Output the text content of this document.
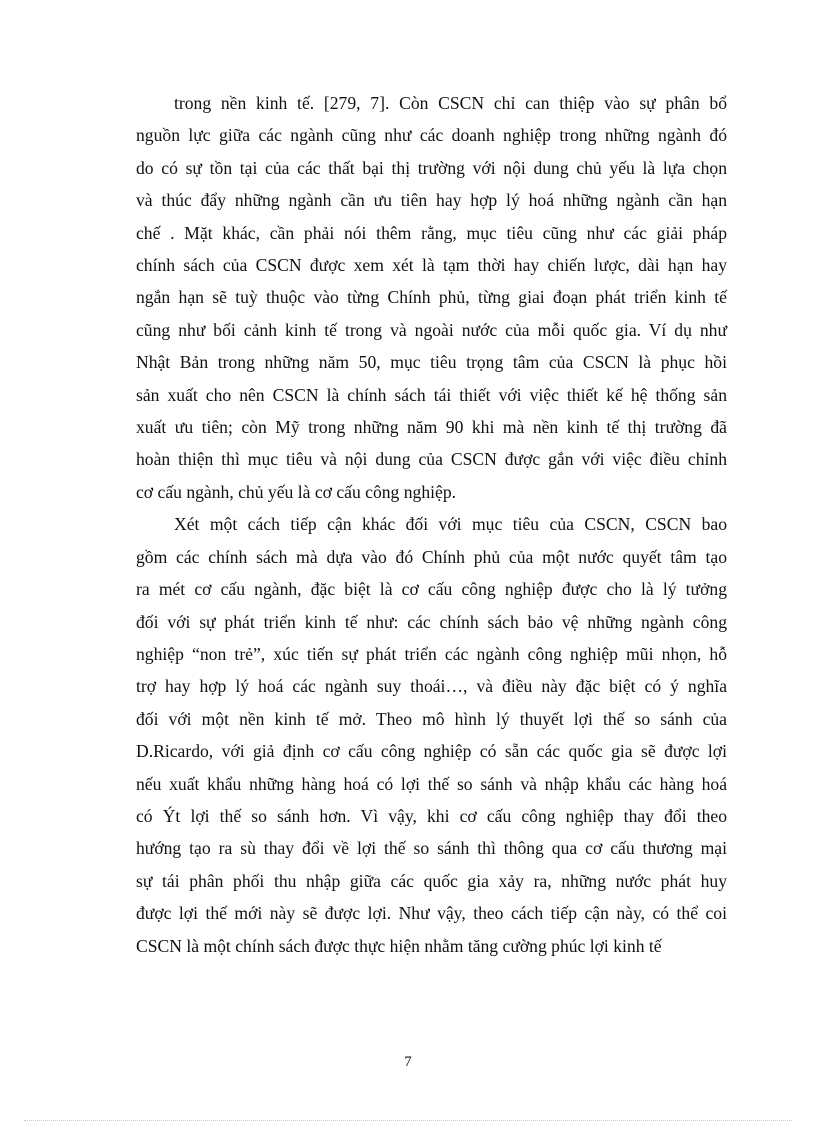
trong nền kinh tế. [279, 7]. Còn CSCN chỉ can thiệp vào sự phân bổ
nguồn lực giữa các ngành cũng như các doanh nghiệp trong những ngành đó
do có sự tồn tại của các thất bại thị trường với nội dung chủ yếu là lựa chọn
và thúc đẩy những ngành cần ưu tiên hay hợp lý hoá những ngành cần hạn
chế . Mặt khác, cần phải nói thêm rằng, mục tiêu cũng như các giải pháp
chính sách của CSCN được xem xét là tạm thời hay chiến lược, dài hạn hay
ngắn hạn sẽ tuỳ thuộc vào từng Chính phủ, từng giai đoạn phát triển kinh tế
cũng như bối cảnh kinh tế trong và ngoài nước của mỗi quốc gia. Ví dụ như
Nhật Bản trong những năm 50, mục tiêu trọng tâm của CSCN là phục hồi
sản xuất cho nên CSCN là chính sách tái thiết với việc thiết kế hệ thống sản
xuất ưu tiên; còn Mỹ trong những năm 90 khi mà nền kinh tế thị trường đã
hoàn thiện thì mục tiêu và nội dung của CSCN được gắn với việc điều chỉnh
cơ cấu ngành, chủ yếu là cơ cấu công nghiệp.

Xét một cách tiếp cận khác đối với mục tiêu của CSCN, CSCN bao
gồm các chính sách mà dựa vào đó Chính phủ của một nước quyết tâm tạo
ra mét cơ cấu ngành, đặc biệt là cơ cấu công nghiệp được cho là lý tưởng
đối với sự phát triển kinh tế như: các chính sách bảo vệ những ngành công
nghiệp “non trẻ”, xúc tiến sự phát triển các ngành công nghiệp mũi nhọn, hỗ
trợ hay hợp lý hoá các ngành suy thoái…, và điều này đặc biệt có ý nghĩa
đối với một nền kinh tế mở. Theo mô hình lý thuyết lợi thế so sánh của
D.Ricardo, với giả định cơ cấu công nghiệp có sẵn các quốc gia sẽ được lợi
nếu xuất khẩu những hàng hoá có lợi thế so sánh và nhập khẩu các hàng hoá
có Ýt lợi thế so sánh hơn. Vì vậy, khi cơ cấu công nghiệp thay đổi theo
hướng tạo ra sù thay đổi về lợi thế so sánh thì thông qua cơ cấu thương mại
sự tái phân phối thu nhập giữa các quốc gia xảy ra, những nước phát huy
được lợi thế mới này sẽ được lợi. Như vậy, theo cách tiếp cận này, có thể coi
CSCN là một chính sách được thực hiện nhằm tăng cường phúc lợi kinh tế

7
